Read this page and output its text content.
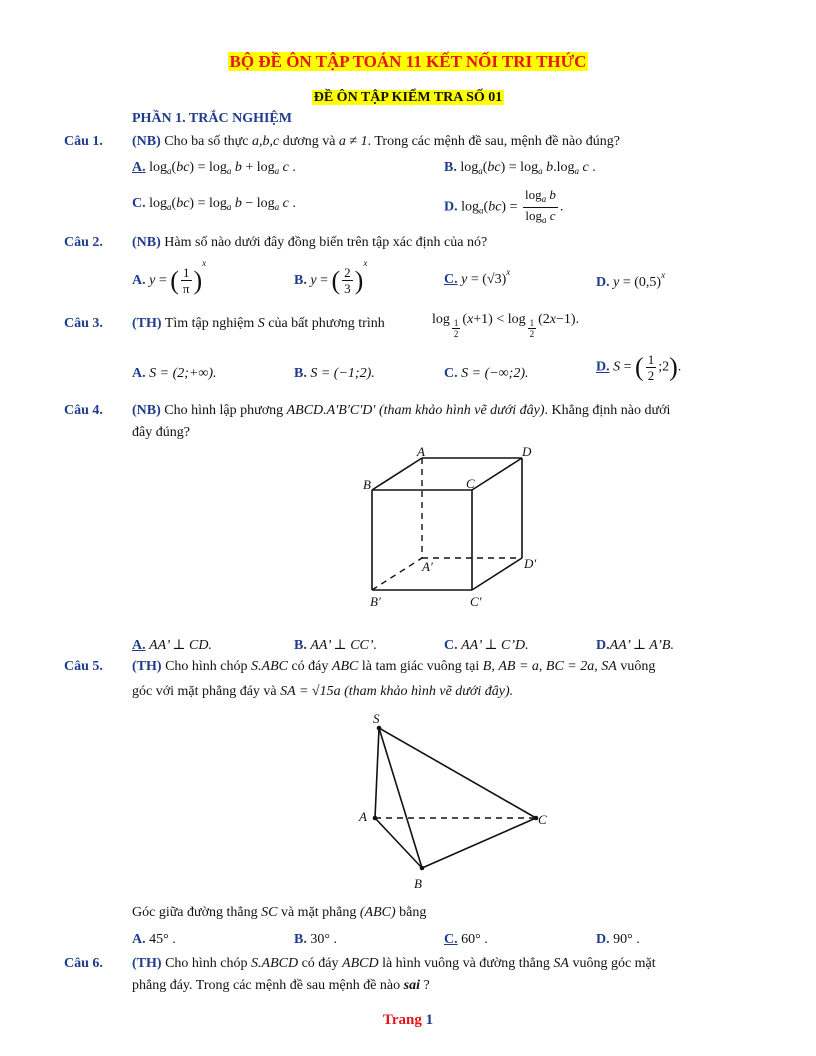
BỘ ĐỀ ÔN TẬP TOÁN 11 KẾT NỐI TRI THỨC
ĐỀ ÔN TẬP KIỂM TRA SỐ 01
PHẦN 1. TRẮC NGHIỆM
Câu 1. (NB) Cho ba số thực a,b,c dương và a ≠ 1. Trong các mệnh đề sau, mệnh đề nào đúng?
A. $\log_a(bc) = \log_a b + \log_a c$ .	B. $\log_a(bc) = \log_a b.\log_a$ c .
C. $\log_a(bc) = \log_a b - \log_a c$ .	D. $\log_a(bc) = \frac{\log_a b}{\log_a c}$ .
Câu 2. (NB) Hàm số nào dưới đây đồng biến trên tập xác định của nó?
A. y = ( $\frac{1}{\pi} )^x$
B. y = ( $\frac{2}{3} )^x$
C. $y = (√3)^x$
D. $y = (0,5)^x$
Câu 3. (TH) Tìm tập nghiệm S của bất phương trình	$\log \frac{1}{2} (x+1) < \log \frac{1}{2} (2x-1)$.
A. S = (2;+∞).	B. S = (−1;2).	C. S = (−∞;2).	D. S = ( $\frac{1}{2}$ ;2).
Câu 4. (NB) Cho hình lập phương ABCD.A′B′C′D′ (tham khảo hình vẽ dưới đây). Khẳng định nào dưới
đây đúng?
A	D
B	C
A′	D′
B′	C′
A. AA’ ⊥ CD.	B. AA’ ⊥ CC’.	C. AA’ ⊥ C’D.	D.AA’ ⊥ A’B.
Câu 5. (TH) Cho hình chóp S.ABC có đáy ABC là tam giác vuông tại B, AB = a, BC = 2a, SA vuông
góc với mặt phẳng đáy và SA = √15a (tham khảo hình vẽ dưới đây).
S
A
B
C
Góc giữa đường thẳng SC và mặt phẳng (ABC) bằng
A. 45° .	B. 30° .	C. 60° .	D. 90° .
Câu 6. (TH) Cho hình chóp S.ABCD có đáy ABCD là hình vuông và đường thẳng SA vuông góc mặt
phẳng đáy. Trong các mệnh đề sau mệnh đề nào sai ?
Trang 1
